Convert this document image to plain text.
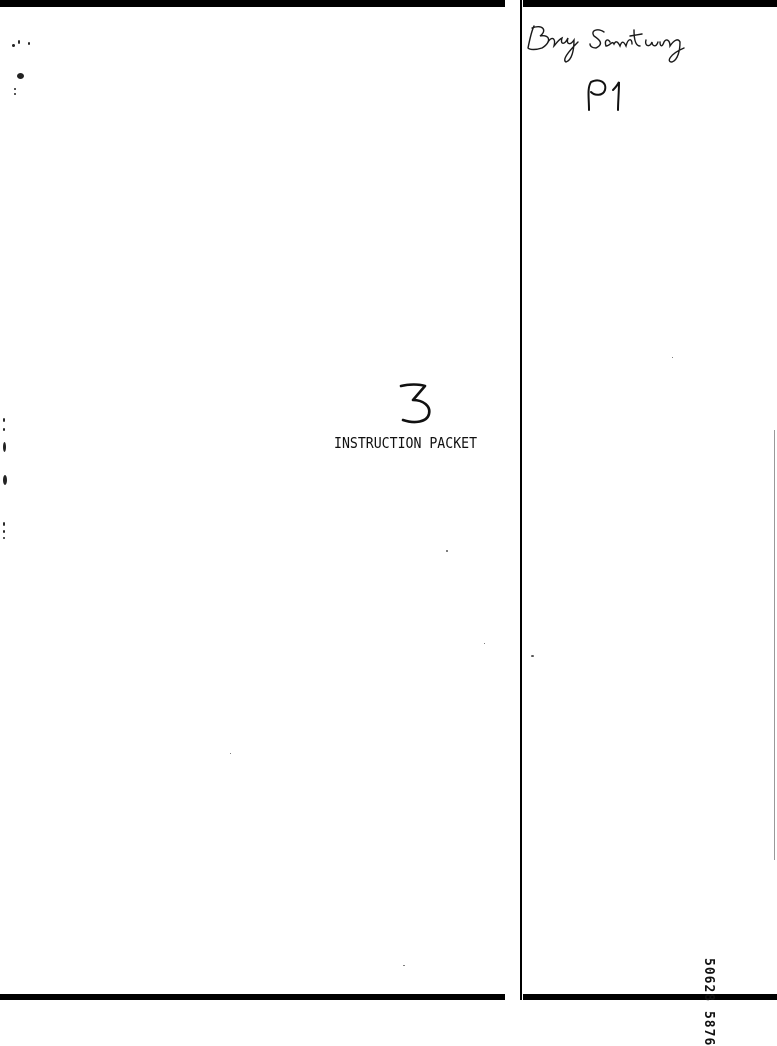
INSTRUCTION PACKET
50628 5876
